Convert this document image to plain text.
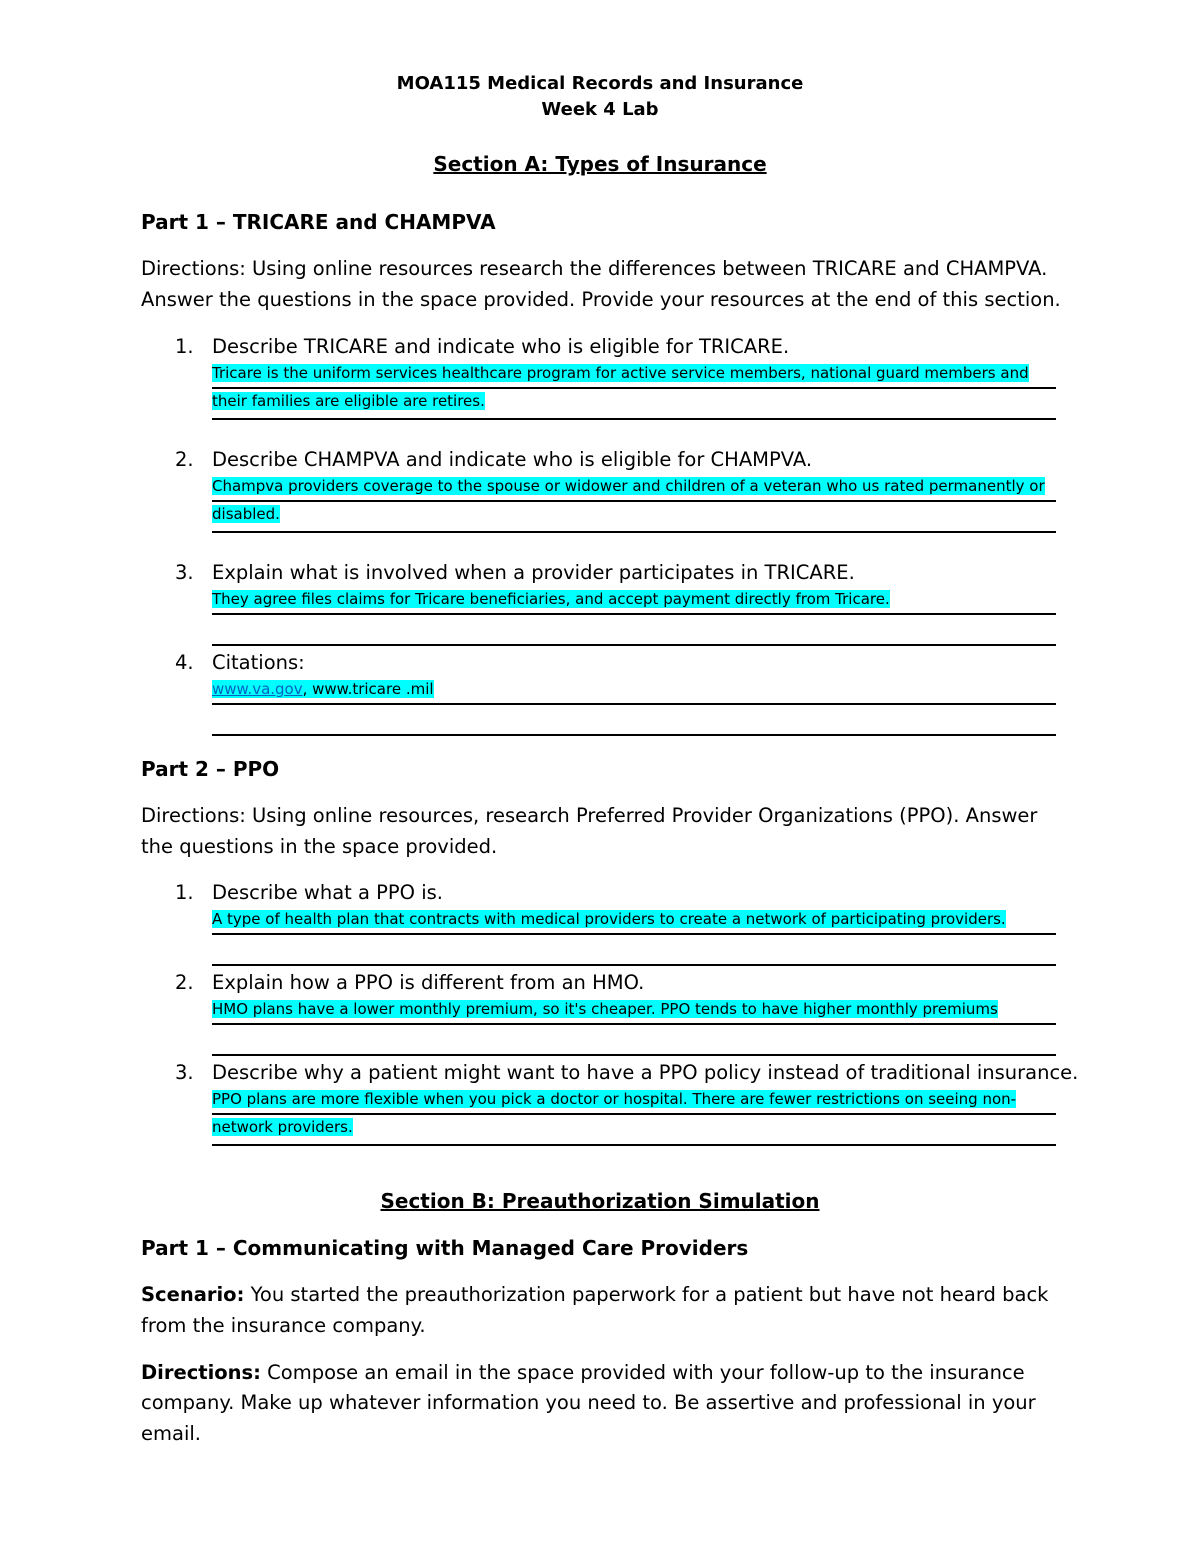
MOA115 Medical Records and Insurance
Week 4 Lab
Section A: Types of Insurance
Part 1 – TRICARE and CHAMPVA
Directions: Using online resources research the differences between TRICARE and CHAMPVA.
Answer the questions in the space provided. Provide your resources at the end of this section.
1. Describe TRICARE and indicate who is eligible for TRICARE.
Tricare is the uniform services healthcare program for active service members, national guard members and
their families are eligible are retires.
2. Describe CHAMPVA and indicate who is eligible for CHAMPVA.
Champva providers coverage to the spouse or widower and children of a veteran who us rated permanently or
disabled.
3. Explain what is involved when a provider participates in TRICARE.
They agree files claims for Tricare beneficiaries, and accept payment directly from Tricare.
4. Citations:
www.va.gov, www.tricare .mil
Part 2 – PPO
Directions: Using online resources, research Preferred Provider Organizations (PPO). Answer
the questions in the space provided.
1. Describe what a PPO is.
A type of health plan that contracts with medical providers to create a network of participating providers.
2. Explain how a PPO is different from an HMO.
HMO plans have a lower monthly premium, so it's cheaper. PPO tends to have higher monthly premiums
3. Describe why a patient might want to have a PPO policy instead of traditional insurance.
PPO plans are more flexible when you pick a doctor or hospital. There are fewer restrictions on seeing non-
network providers.
Section B: Preauthorization Simulation
Part 1 – Communicating with Managed Care Providers
Scenario: You started the preauthorization paperwork for a patient but have not heard back
from the insurance company.
Directions: Compose an email in the space provided with your follow-up to the insurance
company. Make up whatever information you need to. Be assertive and professional in your
email.
